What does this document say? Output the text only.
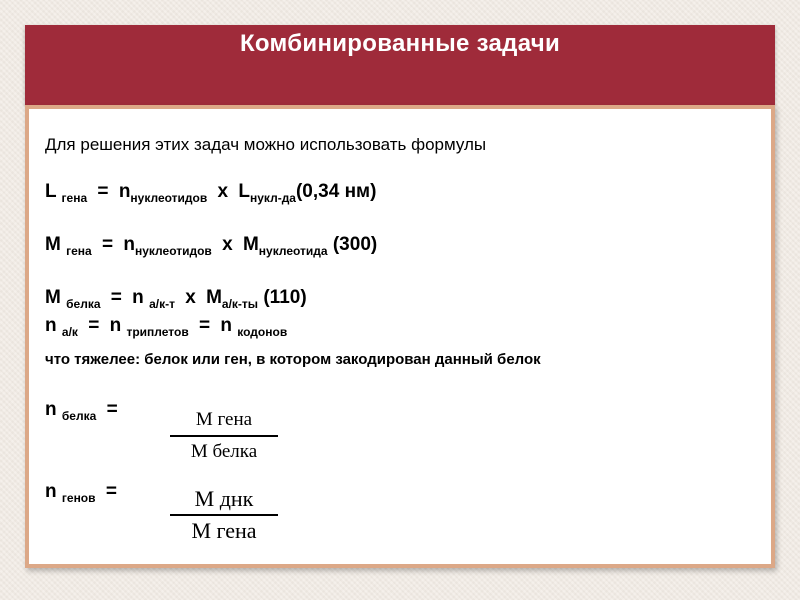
Комбинированные задачи
Для решения этих задач можно использовать формулы
L $_{гена} = n_{нуклеотидов}$ х $L_{нукл-да}(0,34$ нм)
M $_{гена} = n_{нуклеотидов}$ х $M_{нуклеотида}$ (300)
M $_{белка}$ = n $_{а/к-т}$ х $M_{а/к-ты}$ (110)
n $_{а/к}$ = n $_{триплетов}$ = n $_{кодонов}$
что тяжелее: белок или ген, в котором закодирован данный белок
n $_{белка}$ =	M гена
M белка
n $_{генов}$ =	M днк
M гена
